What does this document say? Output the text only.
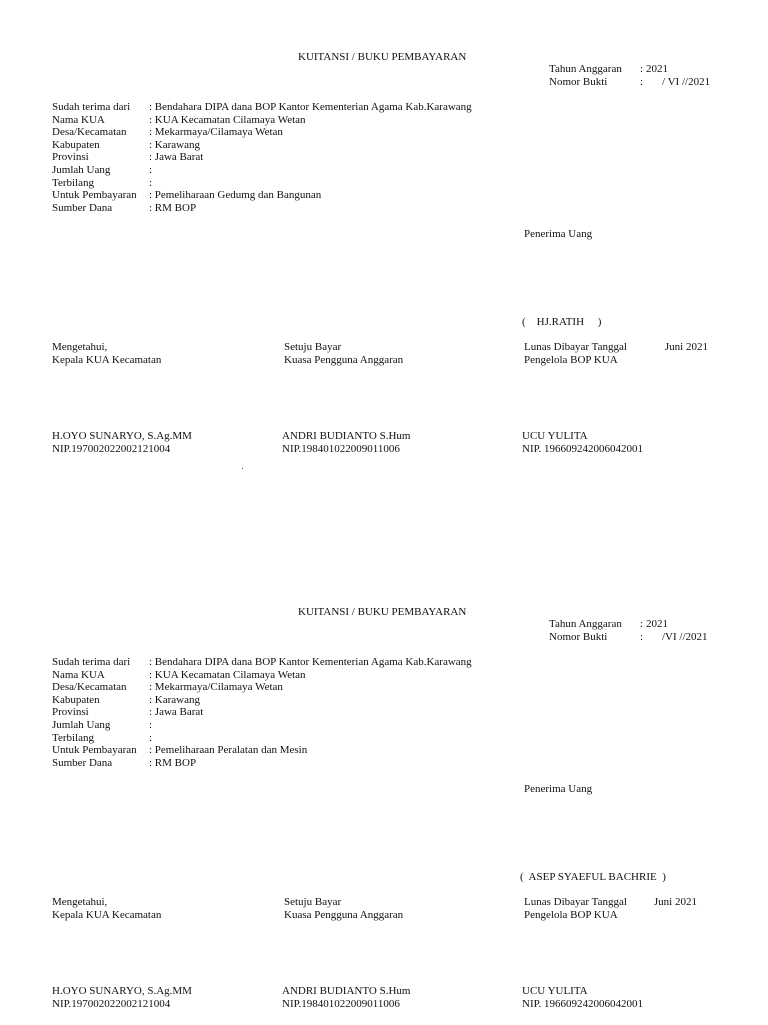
KUITANSI / BUKU PEMBAYARAN
Tahun Anggaran : 2021
Nomor Bukti	: / VI //2021
Sudah terima dari : Bendahara DIPA dana BOP Kantor Kementerian Agama Kab.Karawang
Nama KUA	: KUA Kecamatan Cilamaya Wetan
Desa/Kecamatan : Mekarmaya/Cilamaya Wetan
Kabupaten	: Karawang
Provinsi	: Jawa Barat
Jumlah Uang	:
Terbilang	:
Untuk Pembayaran : Pemeliharaan Gedumg dan Bangunan
Sumber Dana	: RM BOP
Penerima Uang
(    HJ.RATIH     )
Mengetahui,
Kepala KUA Kecamatan
Setuju Bayar
Kuasa Pengguna Anggaran
Lunas Dibayar Tanggal	Juni 2021
Pengelola BOP KUA
H.OYO SUNARYO, S.Ag.MM
NIP.197002022002121004
ANDRI BUDIANTO S.Hum
NIP.198401022009011006
UCU YULITA
NIP. 196609242006042001
KUITANSI / BUKU PEMBAYARAN
Tahun Anggaran : 2021
Nomor Bukti	: /VI //2021
Sudah terima dari : Bendahara DIPA dana BOP Kantor Kementerian Agama Kab.Karawang
Nama KUA	: KUA Kecamatan Cilamaya Wetan
Desa/Kecamatan : Mekarmaya/Cilamaya Wetan
Kabupaten	: Karawang
Provinsi	: Jawa Barat
Jumlah Uang	:
Terbilang	:
Untuk Pembayaran : Pemeliharaan Peralatan dan Mesin
Sumber Dana	: RM BOP
Penerima Uang
(  ASEP SYAEFUL BACHRIE  )
Mengetahui,
Kepala KUA Kecamatan
Setuju Bayar
Kuasa Pengguna Anggaran
Lunas Dibayar Tanggal Juni 2021
Pengelola BOP KUA
H.OYO SUNARYO, S.Ag.MM
NIP.197002022002121004
ANDRI BUDIANTO S.Hum
NIP.198401022009011006
UCU YULITA
NIP. 196609242006042001
